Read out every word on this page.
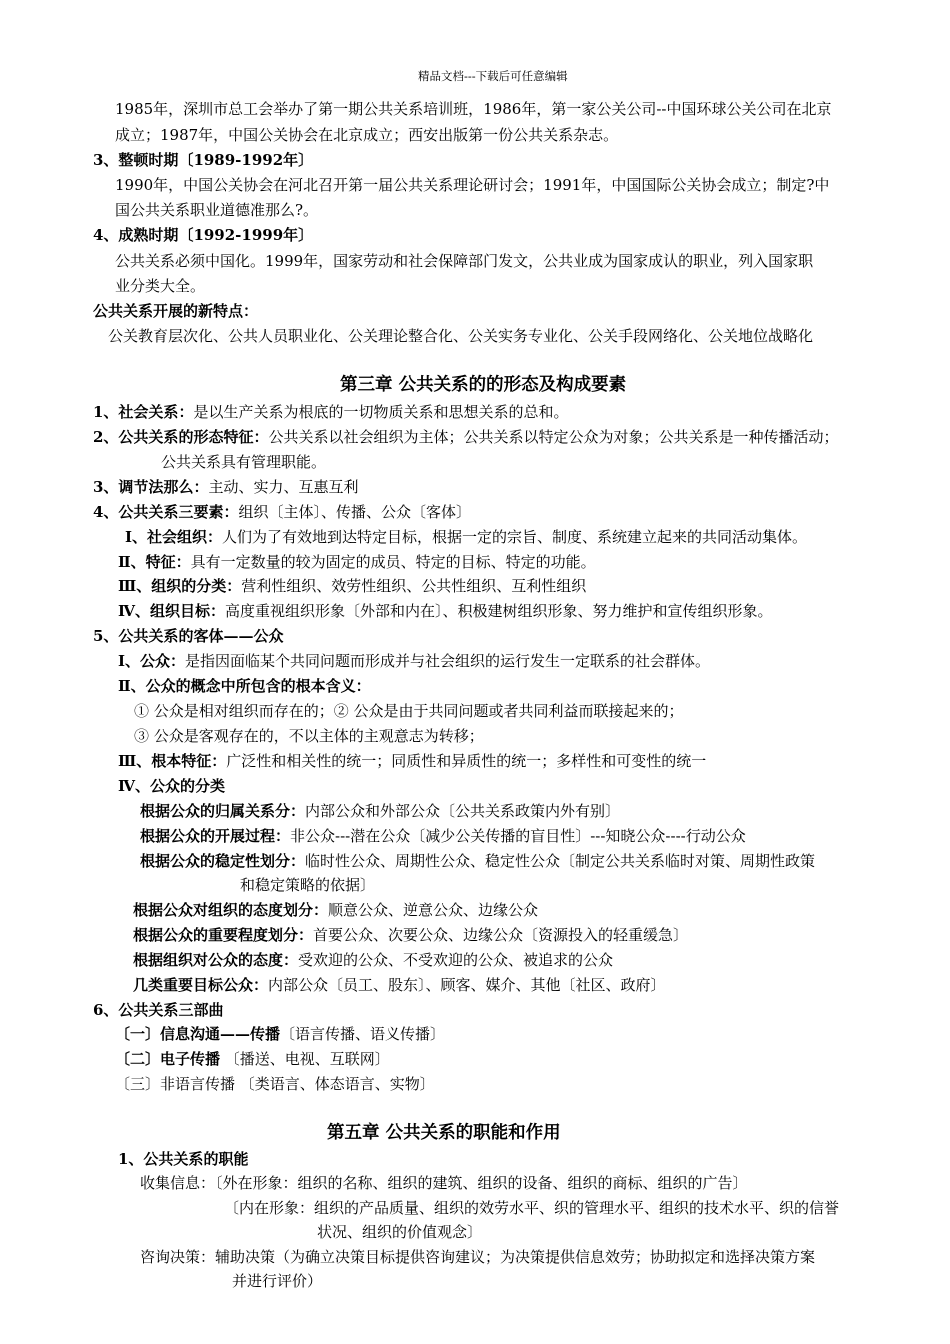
精品文档---下载后可任意编辑
1985年，深圳市总工会举办了第一期公共关系培训班，1986年，第一家公关公司--中国环球公关公司在北京
成立；1987年，中国公关协会在北京成立；西安出版第一份公共关系杂志。
3、整顿时期〔1989-1992年〕
1990年，中国公关协会在河北召开第一届公共关系理论研讨会；1991年，中国国际公关协会成立；制定?中
国公共关系职业道德准那么?。
4、成熟时期〔1992-1999年〕
公共关系必须中国化。1999年，国家劳动和社会保障部门发文，公共业成为国家成认的职业，列入国家职
业分类大全。
公共关系开展的新特点：
公关教育层次化、公共人员职业化、公关理论整合化、公关实务专业化、公关手段网络化、公关地位战略化
第三章 公共关系的的形态及构成要素
1、社会关系：是以生产关系为根底的一切物质关系和思想关系的总和。
2、公共关系的形态特征：公共关系以社会组织为主体；公共关系以特定公众为对象；公共关系是一种传播活动；
公共关系具有管理职能。
3、调节法那么：主动、实力、互惠互利
4、公共关系三要素：组织〔主体〕、传播、公众〔客体〕
Ⅰ、社会组织：人们为了有效地到达特定目标，根据一定的宗旨、制度、系统建立起来的共同活动集体。
Ⅱ、特征：具有一定数量的较为固定的成员、特定的目标、特定的功能。
Ⅲ、组织的分类：营利性组织、效劳性组织、公共性组织、互利性组织
Ⅳ、组织目标：高度重视组织形象〔外部和内在〕、积极建树组织形象、努力维护和宣传组织形象。
5、公共关系的客体——公众
Ⅰ、公众：是指因面临某个共同问题而形成并与社会组织的运行发生一定联系的社会群体。
Ⅱ、公众的概念中所包含的根本含义：
① 公众是相对组织而存在的；② 公众是由于共同问题或者共同利益而联接起来的；
③ 公众是客观存在的，不以主体的主观意志为转移；
Ⅲ、根本特征：广泛性和相关性的统一；同质性和异质性的统一；多样性和可变性的统一
Ⅳ、公众的分类
根据公众的归属关系分：内部公众和外部公众〔公共关系政策内外有别〕
根据公众的开展过程：非公众---潜在公众〔减少公关传播的盲目性〕---知晓公众----行动公众
根据公众的稳定性划分：临时性公众、周期性公众、稳定性公众〔制定公共关系临时对策、周期性政策
和稳定策略的依据〕
根据公众对组织的态度划分：顺意公众、逆意公众、边缘公众
根据公众的重要程度划分：首要公众、次要公众、边缘公众〔资源投入的轻重缓急〕
根据组织对公众的态度：受欢迎的公众、不受欢迎的公众、被追求的公众
几类重要目标公众：内部公众〔员工、股东〕、顾客、媒介、其他〔社区、政府〕
6、公共关系三部曲
〔一〕信息沟通——传播〔语言传播、语义传播〕
〔二〕电子传播 〔播送、电视、互联网〕
〔三〕非语言传播 〔类语言、体态语言、实物〕
第五章 公共关系的职能和作用
1、公共关系的职能
收集信息：〔外在形象：组织的名称、组织的建筑、组织的设备、组织的商标、组织的广告〕
〔内在形象：组织的产品质量、组织的效劳水平、织的管理水平、组织的技术水平、织的信誉
状况、组织的价值观念〕
咨询决策：辅助决策（为确立决策目标提供咨询建议；为决策提供信息效劳；协助拟定和选择决策方案
并进行评价）
